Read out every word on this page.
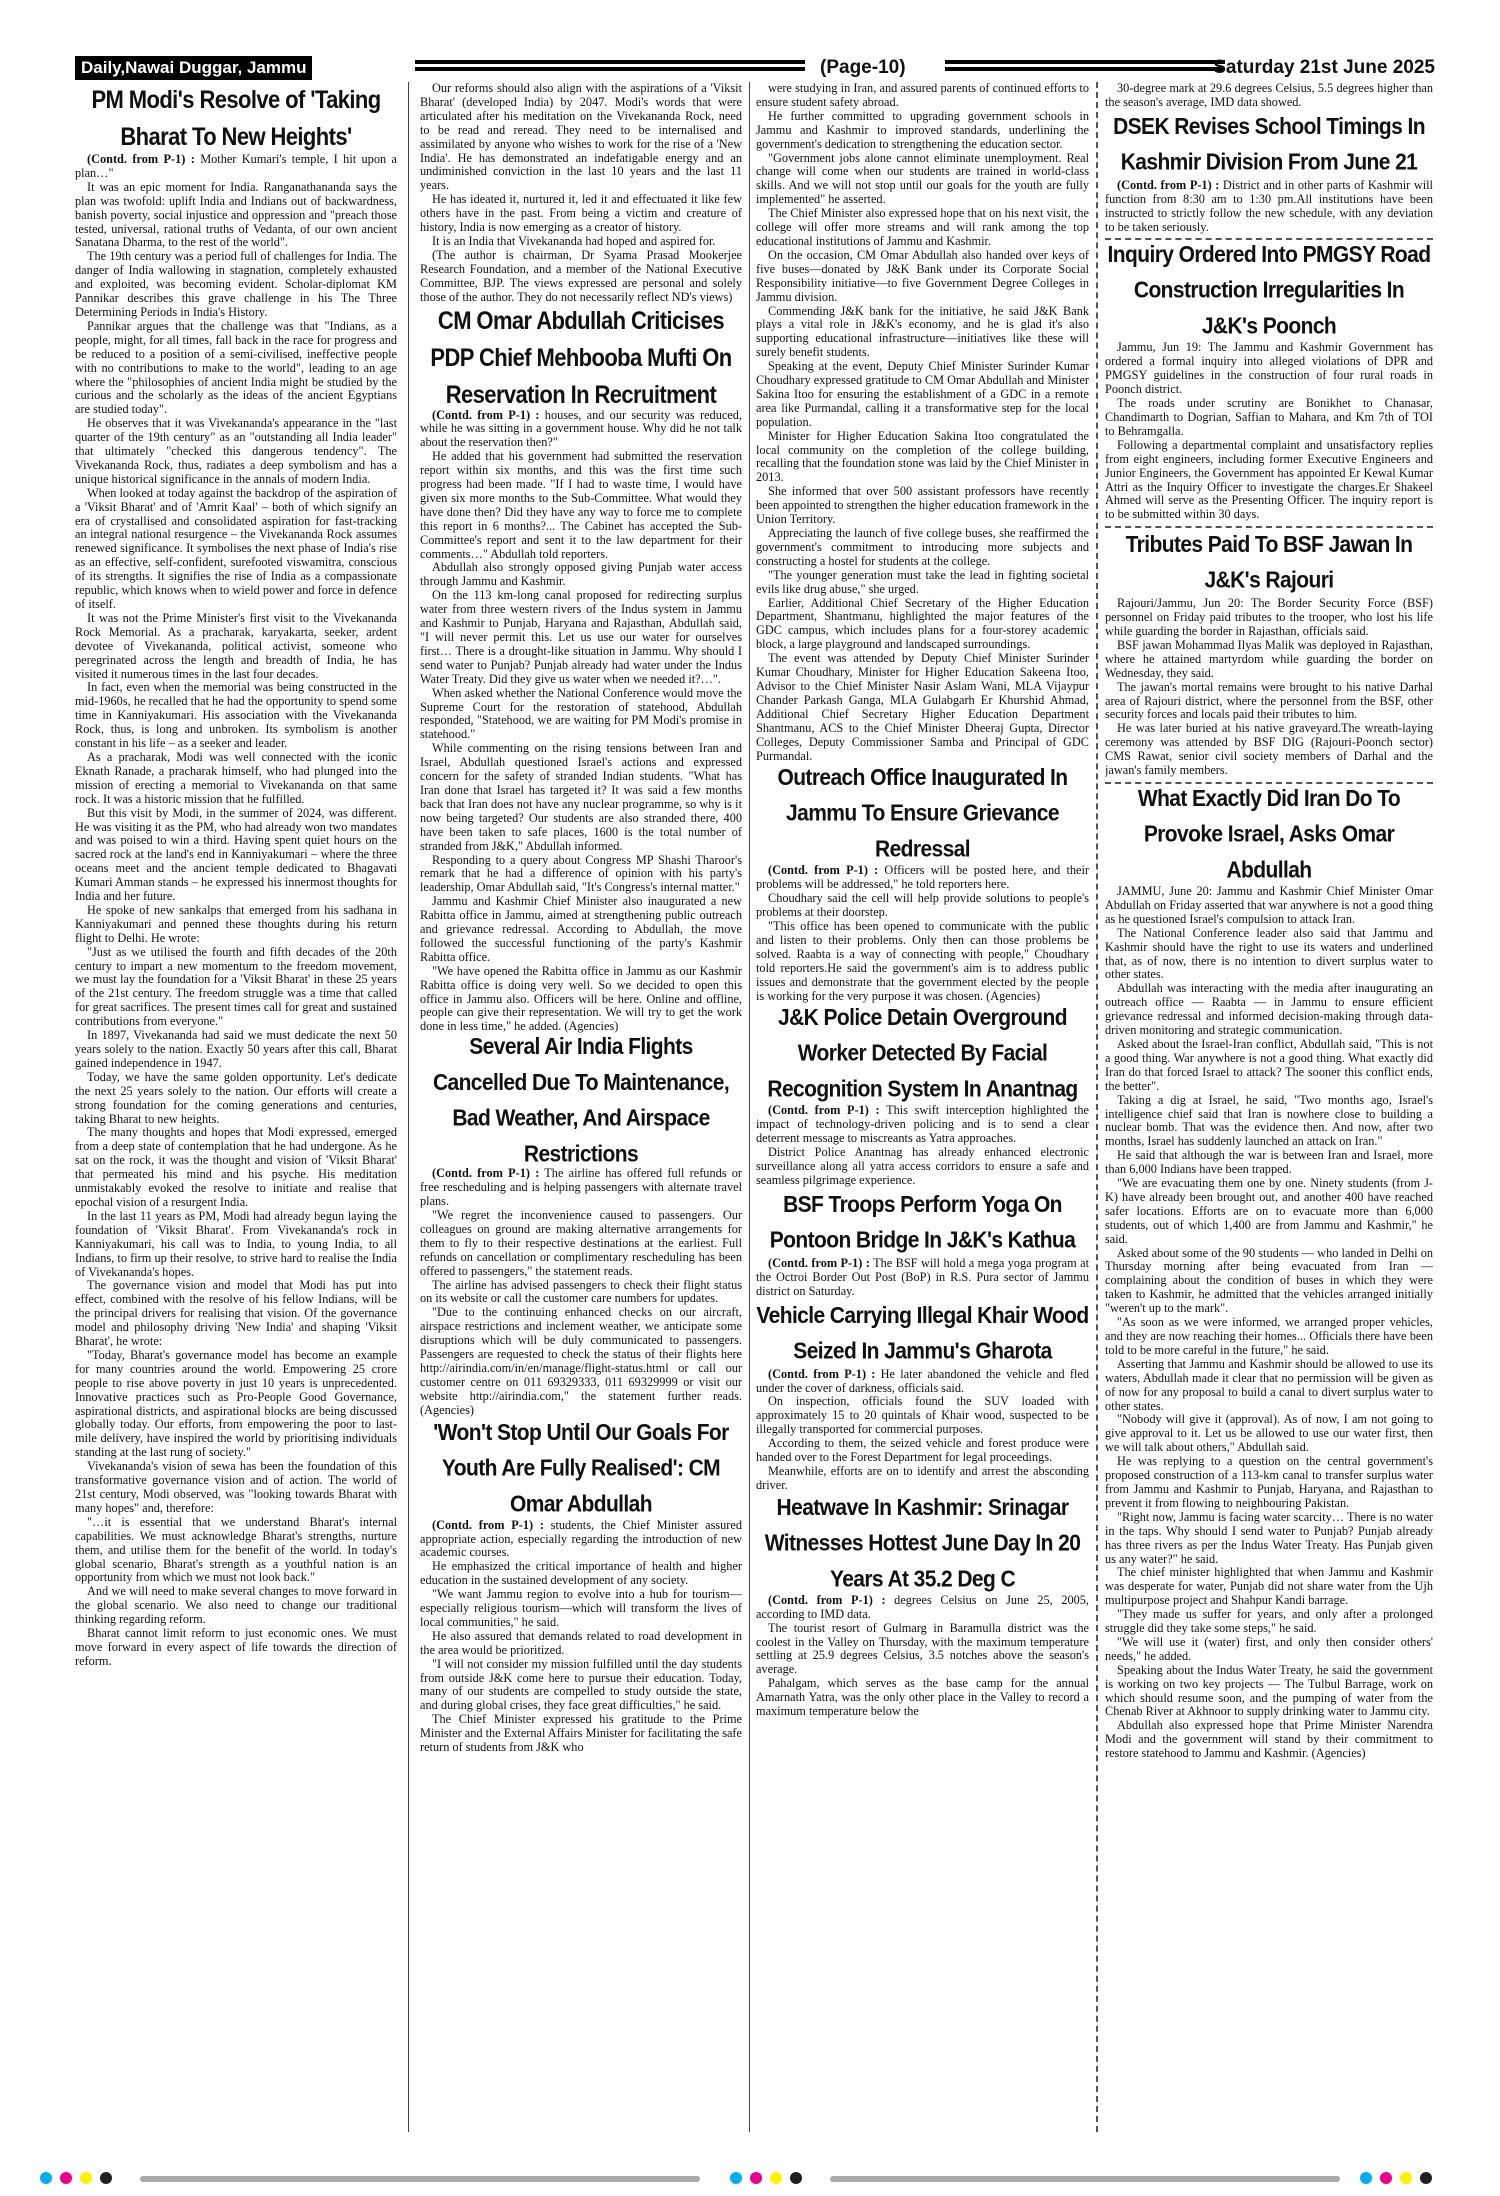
Daily,Nawai Duggar, Jammu	(Page-10)	Saturday 21st June 2025
PM Modi's Resolve of 'Taking Bharat To New Heights'

(Contd. from P-1) : Mother Kumari's temple, I hit upon a plan…"

It was an epic moment for India. Ranganathananda says the plan was twofold: uplift India and Indians out of backwardness, banish poverty, social injustice and oppression and "preach those tested, universal, rational truths of Vedanta, of our own ancient Sanatana Dharma, to the rest of the world".

The 19th century was a period full of challenges for India. The danger of India wallowing in stagnation, completely exhausted and exploited, was becoming evident. Scholar-diplomat KM Pannikar describes this grave challenge in his The Three Determining Periods in India's History.

Pannikar argues that the challenge was that "Indians, as a people, might, for all times, fall back in the race for progress and be reduced to a position of a semi-civilised, ineffective people with no contributions to make to the world", leading to an age where the "philosophies of ancient India might be studied by the curious and the scholarly as the ideas of the ancient Egyptians are studied today".

He observes that it was Vivekananda's appearance in the "last quarter of the 19th century" as an "outstanding all India leader" that ultimately "checked this dangerous tendency". The Vivekananda Rock, thus, radiates a deep symbolism and has a unique historical significance in the annals of modern India.

When looked at today against the backdrop of the aspiration of a 'Viksit Bharat' and of 'Amrit Kaal' – both of which signify an era of crystallised and consolidated aspiration for fast-tracking an integral national resurgence – the Vivekananda Rock assumes renewed significance. It symbolises the next phase of India's rise as an effective, self-confident, surefooted viswamitra, conscious of its strengths. It signifies the rise of India as a compassionate republic, which knows when to wield power and force in defence of itself.

It was not the Prime Minister's first visit to the Vivekananda Rock Memorial. As a pracharak, karyakarta, seeker, ardent devotee of Vivekananda, political activist, someone who peregrinated across the length and breadth of India, he has visited it numerous times in the last four decades.

In fact, even when the memorial was being constructed in the mid-1960s, he recalled that he had the opportunity to spend some time in Kanniyakumari. His association with the Vivekananda Rock, thus, is long and unbroken. Its symbolism is another constant in his life – as a seeker and leader.

As a pracharak, Modi was well connected with the iconic Eknath Ranade, a pracharak himself, who had plunged into the mission of erecting a memorial to Vivekananda on that same rock. It was a historic mission that he fulfilled.

But this visit by Modi, in the summer of 2024, was different. He was visiting it as the PM, who had already won two mandates and was poised to win a third. Having spent quiet hours on the sacred rock at the land's end in Kanniyakumari – where the three oceans meet and the ancient temple dedicated to Bhagavati Kumari Amman stands – he expressed his innermost thoughts for India and her future.

He spoke of new sankalps that emerged from his sadhana in Kanniyakumari and penned these thoughts during his return flight to Delhi. He wrote:

"Just as we utilised the fourth and fifth decades of the 20th century to impart a new momentum to the freedom movement, we must lay the foundation for a 'Viksit Bharat' in these 25 years of the 21st century. The freedom struggle was a time that called for great sacrifices. The present times call for great and sustained contributions from everyone."

In 1897, Vivekananda had said we must dedicate the next 50 years solely to the nation. Exactly 50 years after this call, Bharat gained independence in 1947.

Today, we have the same golden opportunity. Let's dedicate the next 25 years solely to the nation. Our efforts will create a strong foundation for the coming generations and centuries, taking Bharat to new heights.

The many thoughts and hopes that Modi expressed, emerged from a deep state of contemplation that he had undergone. As he sat on the rock, it was the thought and vision of 'Viksit Bharat' that permeated his mind and his psyche. His meditation unmistakably evoked the resolve to initiate and realise that epochal vision of a resurgent India.

In the last 11 years as PM, Modi had already begun laying the foundation of 'Viksit Bharat'. From Vivekananda's rock in Kanniyakumari, his call was to India, to young India, to all Indians, to firm up their resolve, to strive hard to realise the India of Vivekananda's hopes.

The governance vision and model that Modi has put into effect, combined with the resolve of his fellow Indians, will be the principal drivers for realising that vision. Of the governance model and philosophy driving 'New India' and shaping 'Viksit Bharat', he wrote:

"Today, Bharat's governance model has become an example for many countries around the world. Empowering 25 crore people to rise above poverty in just 10 years is unprecedented. Innovative practices such as Pro-People Good Governance, aspirational districts, and aspirational blocks are being discussed globally today. Our efforts, from empowering the poor to last-mile delivery, have inspired the world by prioritising individuals standing at the last rung of society."

Vivekananda's vision of sewa has been the foundation of this transformative governance vision and of action. The world of 21st century, Modi observed, was "looking towards Bharat with many hopes" and, therefore:

"…it is essential that we understand Bharat's internal capabilities. We must acknowledge Bharat's strengths, nurture them, and utilise them for the benefit of the world. In today's global scenario, Bharat's strength as a youthful nation is an opportunity from which we must not look back."

And we will need to make several changes to move forward in the global scenario. We also need to change our traditional thinking regarding reform.

Bharat cannot limit reform to just economic ones. We must move forward in every aspect of life towards the direction of reform.

Our reforms should also align with the aspirations of a 'Viksit Bharat' (developed India) by 2047. Modi's words that were articulated after his meditation on the Vivekananda Rock, need to be read and reread. They need to be internalised and assimilated by anyone who wishes to work for the rise of a 'New India'. He has demonstrated an indefatigable energy and an undiminished conviction in the last 10 years and the last 11 years.

He has ideated it, nurtured it, led it and effectuated it like few others have in the past. From being a victim and creature of history, India is now emerging as a creator of history.

It is an India that Vivekananda had hoped and aspired for.

(The author is chairman, Dr Syama Prasad Mookerjee Research Foundation, and a member of the National Executive Committee, BJP. The views expressed are personal and solely those of the author. They do not necessarily reflect ND's views)

CM Omar Abdullah Criticises PDP Chief Mehbooba Mufti On Reservation In Recruitment

(Contd. from P-1) : houses, and our security was reduced, while he was sitting in a government house. Why did he not talk about the reservation then?"

He added that his government had submitted the reservation report within six months, and this was the first time such progress had been made. "If I had to waste time, I would have given six more months to the Sub-Committee. What would they have done then? Did they have any way to force me to complete this report in 6 months?... The Cabinet has accepted the Sub-Committee's report and sent it to the law department for their comments…" Abdullah told reporters.

Abdullah also strongly opposed giving Punjab water access through Jammu and Kashmir.

On the 113 km-long canal proposed for redirecting surplus water from three western rivers of the Indus system in Jammu and Kashmir to Punjab, Haryana and Rajasthan, Abdullah said, "I will never permit this. Let us use our water for ourselves first… There is a drought-like situation in Jammu. Why should I send water to Punjab? Punjab already had water under the Indus Water Treaty. Did they give us water when we needed it?…".

When asked whether the National Conference would move the Supreme Court for the restoration of statehood, Abdullah responded, "Statehood, we are waiting for PM Modi's promise in statehood."

While commenting on the rising tensions between Iran and Israel, Abdullah questioned Israel's actions and expressed concern for the safety of stranded Indian students. "What has Iran done that Israel has targeted it? It was said a few months back that Iran does not have any nuclear programme, so why is it now being targeted? Our students are also stranded there, 400 have been taken to safe places, 1600 is the total number of stranded from J&K," Abdullah informed.

Responding to a query about Congress MP Shashi Tharoor's remark that he had a difference of opinion with his party's leadership, Omar Abdullah said, "It's Congress's internal matter."

Jammu and Kashmir Chief Minister also inaugurated a new Rabitta office in Jammu, aimed at strengthening public outreach and grievance redressal. According to Abdullah, the move followed the successful functioning of the party's Kashmir Rabitta office.

"We have opened the Rabitta office in Jammu as our Kashmir Rabitta office is doing very well. So we decided to open this office in Jammu also. Officers will be here. Online and offline, people can give their representation. We will try to get the work done in less time," he added. (Agencies)

Several Air India Flights Cancelled Due To Maintenance, Bad Weather, And Airspace Restrictions

(Contd. from P-1) : The airline has offered full refunds or free rescheduling and is helping passengers with alternate travel plans.

"We regret the inconvenience caused to passengers. Our colleagues on ground are making alternative arrangements for them to fly to their respective destinations at the earliest. Full refunds on cancellation or complimentary rescheduling has been offered to passengers," the statement reads.

The airline has advised passengers to check their flight status on its website or call the customer care numbers for updates.

"Due to the continuing enhanced checks on our aircraft, airspace restrictions and inclement weather, we anticipate some disruptions which will be duly communicated to passengers. Passengers are requested to check the status of their flights here http://airindia.com/in/en/manage/flight-status.html or call our customer centre on 011 69329333, 011 69329999 or visit our website http://airindia.com," the statement further reads. (Agencies)

'Won't Stop Until Our Goals For Youth Are Fully Realised': CM Omar Abdullah

(Contd. from P-1) : students, the Chief Minister assured appropriate action, especially regarding the introduction of new academic courses.

He emphasized the critical importance of health and higher education in the sustained development of any society.

"We want Jammu region to evolve into a hub for tourism—especially religious tourism—which will transform the lives of local communities," he said.

He also assured that demands related to road development in the area would be prioritized.

"I will not consider my mission fulfilled until the day students from outside J&K come here to pursue their education. Today, many of our students are compelled to study outside the state, and during global crises, they face great difficulties," he said.

The Chief Minister expressed his gratitude to the Prime Minister and the External Affairs Minister for facilitating the safe return of students from J&K who

were studying in Iran, and assured parents of continued efforts to ensure student safety abroad.

He further committed to upgrading government schools in Jammu and Kashmir to improved standards, underlining the government's dedication to strengthening the education sector.

"Government jobs alone cannot eliminate unemployment. Real change will come when our students are trained in world-class skills. And we will not stop until our goals for the youth are fully implemented" he asserted.

The Chief Minister also expressed hope that on his next visit, the college will offer more streams and will rank among the top educational institutions of Jammu and Kashmir.

On the occasion, CM Omar Abdullah also handed over keys of five buses—donated by J&K Bank under its Corporate Social Responsibility initiative—to five Government Degree Colleges in Jammu division.

Commending J&K bank for the initiative, he said J&K Bank plays a vital role in J&K's economy, and he is glad it's also supporting educational infrastructure—initiatives like these will surely benefit students.

Speaking at the event, Deputy Chief Minister Surinder Kumar Choudhary expressed gratitude to CM Omar Abdullah and Minister Sakina Itoo for ensuring the establishment of a GDC in a remote area like Purmandal, calling it a transformative step for the local population.

Minister for Higher Education Sakina Itoo congratulated the local community on the completion of the college building, recalling that the foundation stone was laid by the Chief Minister in 2013.

She informed that over 500 assistant professors have recently been appointed to strengthen the higher education framework in the Union Territory.

Appreciating the launch of five college buses, she reaffirmed the government's commitment to introducing more subjects and constructing a hostel for students at the college.

"The younger generation must take the lead in fighting societal evils like drug abuse," she urged.

Earlier, Additional Chief Secretary of the Higher Education Department, Shantmanu, highlighted the major features of the GDC campus, which includes plans for a four-storey academic block, a large playground and landscaped surroundings.

The event was attended by Deputy Chief Minister Surinder Kumar Choudhary, Minister for Higher Education Sakeena Itoo, Advisor to the Chief Minister Nasir Aslam Wani, MLA Vijaypur Chander Parkash Ganga, MLA Gulabgarh Er Khurshid Ahmad, Additional Chief Secretary Higher Education Department Shantmanu, ACS to the Chief Minister Dheeraj Gupta, Director Colleges, Deputy Commissioner Samba and Principal of GDC Purmandal.

Outreach Office Inaugurated In Jammu To Ensure Grievance Redressal

(Contd. from P-1) : Officers will be posted here, and their problems will be addressed," he told reporters here.

Choudhary said the cell will help provide solutions to people's problems at their doorstep.

"This office has been opened to communicate with the public and listen to their problems. Only then can those problems be solved. Raabta is a way of connecting with people," Choudhary told reporters.He said the government's aim is to address public issues and demonstrate that the government elected by the people is working for the very purpose it was chosen. (Agencies)

J&K Police Detain Overground Worker Detected By Facial Recognition System In Anantnag

(Contd. from P-1) : This swift interception highlighted the impact of technology-driven policing and is to send a clear deterrent message to miscreants as Yatra approaches.

District Police Anantnag has already enhanced electronic surveillance along all yatra access corridors to ensure a safe and seamless pilgrimage experience.

BSF Troops Perform Yoga On Pontoon Bridge In J&K's Kathua

(Contd. from P-1) : The BSF will hold a mega yoga program at the Octroi Border Out Post (BoP) in R.S. Pura sector of Jammu district on Saturday.

Vehicle Carrying Illegal Khair Wood Seized In Jammu's Gharota

(Contd. from P-1) : He later abandoned the vehicle and fled under the cover of darkness, officials said.

On inspection, officials found the SUV loaded with approximately 15 to 20 quintals of Khair wood, suspected to be illegally transported for commercial purposes.

According to them, the seized vehicle and forest produce were handed over to the Forest Department for legal proceedings.

Meanwhile, efforts are on to identify and arrest the absconding driver.

Heatwave In Kashmir: Srinagar Witnesses Hottest June Day In 20 Years At 35.2 Deg C

(Contd. from P-1) : degrees Celsius on June 25, 2005, according to IMD data.

The tourist resort of Gulmarg in Baramulla district was the coolest in the Valley on Thursday, with the maximum temperature settling at 25.9 degrees Celsius, 3.5 notches above the season's average.

Pahalgam, which serves as the base camp for the annual Amarnath Yatra, was the only other place in the Valley to record a maximum temperature below the

30-degree mark at 29.6 degrees Celsius, 5.5 degrees higher than the season's average, IMD data showed.

DSEK Revises School Timings In Kashmir Division From June 21

(Contd. from P-1) : District and in other parts of Kashmir will function from 8:30 am to 1:30 pm.All institutions have been instructed to strictly follow the new schedule, with any deviation to be taken seriously.

Inquiry Ordered Into PMGSY Road Construction Irregularities In J&K's Poonch

Jammu, Jun 19: The Jammu and Kashmir Government has ordered a formal inquiry into alleged violations of DPR and PMGSY guidelines in the construction of four rural roads in Poonch district.

The roads under scrutiny are Bonikhet to Chanasar, Chandimarth to Dogrian, Saffian to Mahara, and Km 7th of TOI to Behramgalla.

Following a departmental complaint and unsatisfactory replies from eight engineers, including former Executive Engineers and Junior Engineers, the Government has appointed Er Kewal Kumar Attri as the Inquiry Officer to investigate the charges.Er Shakeel Ahmed will serve as the Presenting Officer. The inquiry report is to be submitted within 30 days.

Tributes Paid To BSF Jawan In J&K's Rajouri

Rajouri/Jammu, Jun 20: The Border Security Force (BSF) personnel on Friday paid tributes to the trooper, who lost his life while guarding the border in Rajasthan, officials said.

BSF jawan Mohammad Ilyas Malik was deployed in Rajasthan, where he attained martyrdom while guarding the border on Wednesday, they said.

The jawan's mortal remains were brought to his native Darhal area of Rajouri district, where the personnel from the BSF, other security forces and locals paid their tributes to him.

He was later buried at his native graveyard.The wreath-laying ceremony was attended by BSF DIG (Rajouri-Poonch sector) CMS Rawat, senior civil society members of Darhal and the jawan's family members.

What Exactly Did Iran Do To Provoke Israel, Asks Omar Abdullah

JAMMU, June 20: Jammu and Kashmir Chief Minister Omar Abdullah on Friday asserted that war anywhere is not a good thing as he questioned Israel's compulsion to attack Iran.

The National Conference leader also said that Jammu and Kashmir should have the right to use its waters and underlined that, as of now, there is no intention to divert surplus water to other states.

Abdullah was interacting with the media after inaugurating an outreach office — Raabta — in Jammu to ensure efficient grievance redressal and informed decision-making through data-driven monitoring and strategic communication.

Asked about the Israel-Iran conflict, Abdullah said, "This is not a good thing. War anywhere is not a good thing. What exactly did Iran do that forced Israel to attack? The sooner this conflict ends, the better".

Taking a dig at Israel, he said, "Two months ago, Israel's intelligence chief said that Iran is nowhere close to building a nuclear bomb. That was the evidence then. And now, after two months, Israel has suddenly launched an attack on Iran."

He said that although the war is between Iran and Israel, more than 6,000 Indians have been trapped.

"We are evacuating them one by one. Ninety students (from J-K) have already been brought out, and another 400 have reached safer locations. Efforts are on to evacuate more than 6,000 students, out of which 1,400 are from Jammu and Kashmir," he said.

Asked about some of the 90 students — who landed in Delhi on Thursday morning after being evacuated from Iran — complaining about the condition of buses in which they were taken to Kashmir, he admitted that the vehicles arranged initially "weren't up to the mark".

"As soon as we were informed, we arranged proper vehicles, and they are now reaching their homes... Officials there have been told to be more careful in the future," he said.

Asserting that Jammu and Kashmir should be allowed to use its waters, Abdullah made it clear that no permission will be given as of now for any proposal to build a canal to divert surplus water to other states.

"Nobody will give it (approval). As of now, I am not going to give approval to it. Let us be allowed to use our water first, then we will talk about others," Abdullah said.

He was replying to a question on the central government's proposed construction of a 113-km canal to transfer surplus water from Jammu and Kashmir to Punjab, Haryana, and Rajasthan to prevent it from flowing to neighbouring Pakistan.

"Right now, Jammu is facing water scarcity… There is no water in the taps. Why should I send water to Punjab? Punjab already has three rivers as per the Indus Water Treaty. Has Punjab given us any water?" he said.

The chief minister highlighted that when Jammu and Kashmir was desperate for water, Punjab did not share water from the Ujh multipurpose project and Shahpur Kandi barrage.

"They made us suffer for years, and only after a prolonged struggle did they take some steps," he said.

"We will use it (water) first, and only then consider others' needs," he added.

Speaking about the Indus Water Treaty, he said the government is working on two key projects — The Tulbul Barrage, work on which should resume soon, and the pumping of water from the Chenab River at Akhnoor to supply drinking water to Jammu city.

Abdullah also expressed hope that Prime Minister Narendra Modi and the government will stand by their commitment to restore statehood to Jammu and Kashmir. (Agencies)
